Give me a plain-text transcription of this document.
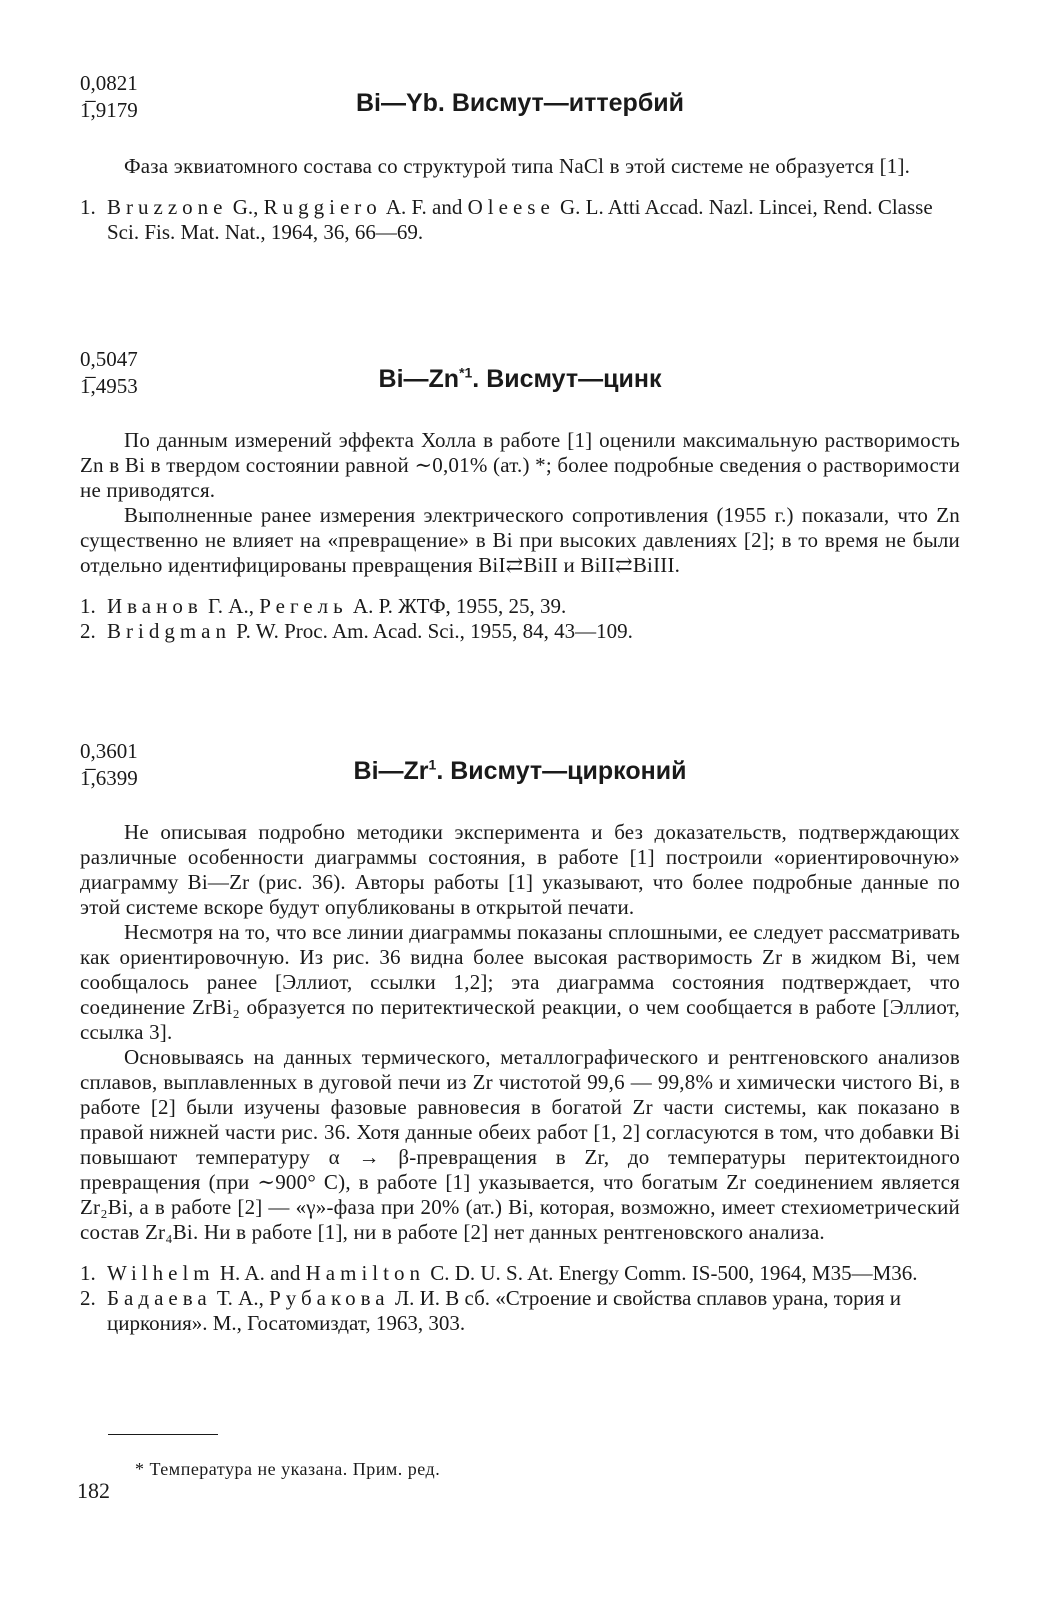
0,0821
1̅,9179	Bi—Yb. Висмут—иттербий

Фаза эквиатомного состава со структурой типа NaCl в этой системе не образуется [1].

1. Bruzzone G., Ruggiero A. F. and Oleese G. L. Atti Accad. Nazl. Lincei, Rend. Classe Sci. Fis. Mat. Nat., 1964, 36, 66—69.
0,5047
1̅,4953	Bi—Zn$^{*1}$. Висмут—цинк

По данным измерений эффекта Холла в работе [1] оценили максимальную растворимость Zn в Bi в твердом состоянии равной ∼0,01% (ат.) *; более подробные сведения о растворимости не приводятся.

Выполненные ранее измерения электрического сопротивления (1955 г.) показали, что Zn существенно не влияет на «превращение» в Bi при высоких давлениях [2]; в то время не были отдельно идентифицированы превращения BiI⇄BiII и BiII⇄BiIII.

1. Иванов Г. А., Регель А. Р. ЖТФ, 1955, 25, 39.
2. Bridgman P. W. Proc. Am. Acad. Sci., 1955, 84, 43—109.
0,3601
1̅,6399	Bi—Zr$^1$. Висмут—цирконий

Не описывая подробно методики эксперимента и без доказательств, подтверждающих различные особенности диаграммы состояния, в работе [1] построили «ориентировочную» диаграмму Bi—Zr (рис. 36). Авторы работы [1] указывают, что более подробные данные по этой системе вскоре будут опубликованы в открытой печати.

Несмотря на то, что все линии диаграммы показаны сплошными, ее следует рассматривать как ориентировочную. Из рис. 36 видна более высокая растворимость Zr в жидком Bi, чем сообщалось ранее [Эллиот, ссылки 1,2]; эта диаграмма состояния подтверждает, что соединение ZrBi₂ образуется по перитектической реакции, о чем сообщается в работе [Эллиот, ссылка 3].

Основываясь на данных термического, металлографического и рентгеновского анализов сплавов, выплавленных в дуговой печи из Zr чистотой 99,6 — 99,8% и химически чистого Bi, в работе [2] были изучены фазовые равновесия в богатой Zr части системы, как показано в правой нижней части рис. 36. Хотя данные обеих работ [1, 2] согласуются в том, что добавки Bi повышают температуру α → β-превращения в Zr, до температуры перитектоидного превращения (при ∼900° С), в работе [1] указывается, что богатым Zr соединением является Zr₂Bi, а в работе [2] — «γ»-фаза при 20% (ат.) Bi, которая, возможно, имеет стехиометрический состав Zr₄Bi. Ни в работе [1], ни в работе [2] нет данных рентгеновского анализа.

1. Wilhelm H. A. and Hamilton C. D. U. S. At. Energy Comm. IS-500, 1964, M35—M36.
2. Бадаева Т. А., Рубакова Л. И. В сб. «Строение и свойства сплавов урана, тория и циркония». М., Госатомиздат, 1963, 303.
* Температура не указана. Прим. ред.
182
